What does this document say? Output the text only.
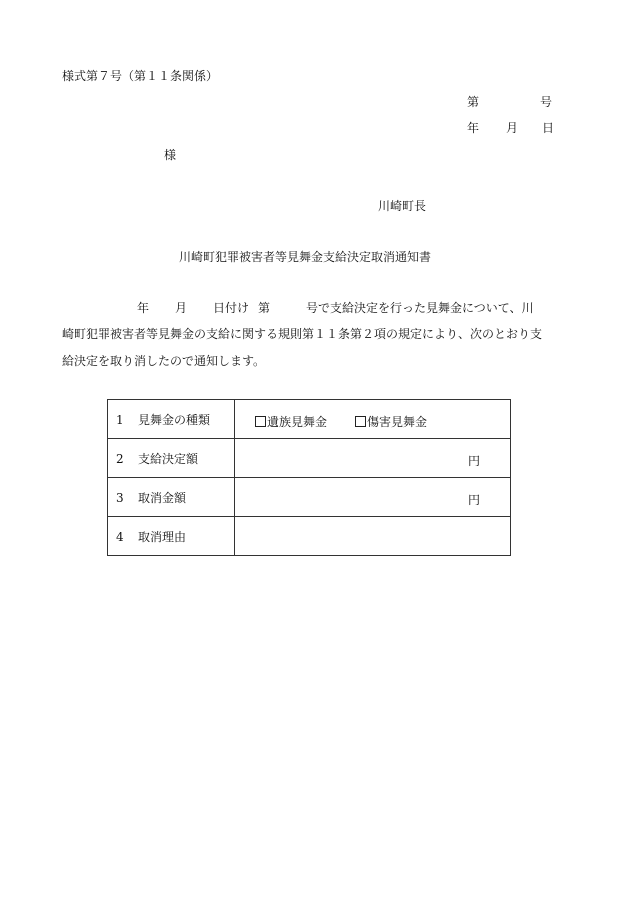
様式第７号（第１１条関係）
第	号
年 月 日
様
川崎町長
川崎町犯罪被害者等見舞金支給決定取消通知書
年 月 日付け 第	号で支給決定を行った見舞金について、川
崎町犯罪被害者等見舞金の支給に関する規則第１１条第２項の規定により、次のとおり支
給決定を取り消したので通知します。
1 見舞金の種類	遺族見舞金 傷害見舞金

2 支給決定額	円

3 取消金額	円

4 取消理由	
